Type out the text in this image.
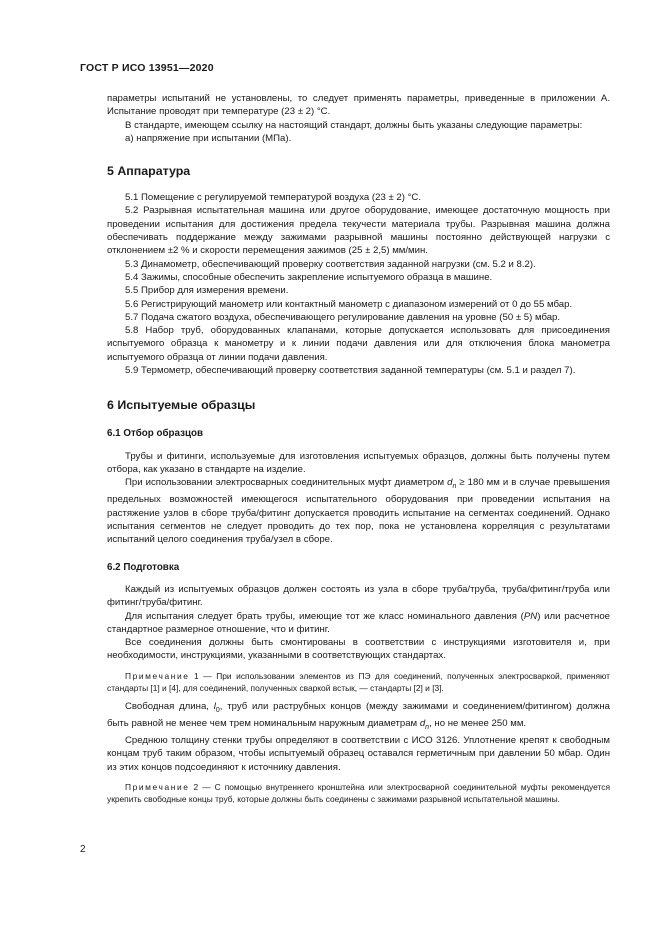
ГОСТ Р ИСО 13951—2020

параметры испытаний не установлены, то следует применять параметры, приведенные в приложении А. Испытание проводят при температуре (23 ± 2) °С.

В стандарте, имеющем ссылку на настоящий стандарт, должны быть указаны следующие параметры:

а) напряжение при испытании (МПа).

5 Аппаратура

5.1 Помещение с регулируемой температурой воздуха (23 ± 2) °С.

5.2 Разрывная испытательная машина или другое оборудование, имеющее достаточную мощность при проведении испытания для достижения предела текучести материала трубы. Разрывная машина должна обеспечивать поддержание между зажимами разрывной машины постоянно действующей нагрузки с отклонением ±2 % и скорости перемещения зажимов (25 ± 2,5) мм/мин.

5.3 Динамометр, обеспечивающий проверку соответствия заданной нагрузки (см. 5.2 и 8.2).

5.4 Зажимы, способные обеспечить закрепление испытуемого образца в машине.

5.5 Прибор для измерения времени.

5.6 Регистрирующий манометр или контактный манометр с диапазоном измерений от 0 до 55 мбар.

5.7 Подача сжатого воздуха, обеспечивающего регулирование давления на уровне (50 ± 5) мбар.

5.8 Набор труб, оборудованных клапанами, которые допускается использовать для присоединения испытуемого образца к манометру и к линии подачи давления или для отключения блока манометра испытуемого образца от линии подачи давления.

5.9 Термометр, обеспечивающий проверку соответствия заданной температуры (см. 5.1 и раздел 7).

6 Испытуемые образцы
6.1 Отбор образцов

Трубы и фитинги, используемые для изготовления испытуемых образцов, должны быть получены путем отбора, как указано в стандарте на изделие.

При использовании электросварных соединительных муфт диаметром $d_n \ge 180$ мм и в случае превышения предельных возможностей имеющегося испытательного оборудования при проведении испытания на растяжение узлов в сборе труба/фитинг допускается проводить испытание на сегментах соединений. Однако испытания сегментов не следует проводить до тех пор, пока не установлена корреляция с результатами испытаний целого соединения труба/узел в сборе.

6.2 Подготовка

Каждый из испытуемых образцов должен состоять из узла в сборе труба/труба, труба/фитинг/труба или фитинг/труба/фитинг.

Для испытания следует брать трубы, имеющие тот же класс номинального давления (PN) или расчетное стандартное размерное отношение, что и фитинг.

Все соединения должны быть смонтированы в соответствии с инструкциями изготовителя и, при необходимости, инструкциями, указанными в соответствующих стандартах.

Примечание 1 — При использовании элементов из ПЭ для соединений, полученных электросваркой, применяют стандарты [1] и [4], для соединений, полученных сваркой встык, — стандарты [2] и [3].

Свободная длина, $l_0$, труб или раструбных концов (между зажимами и соединением/фитингом) должна быть равной не менее чем трем номинальным наружным диаметрам $d_n$, но не менее 250 мм.

Среднюю толщину стенки трубы определяют в соответствии с ИСО 3126. Уплотнение крепят к свободным концам труб таким образом, чтобы испытуемый образец оставался герметичным при давлении 50 мбар. Один из этих концов подсоединяют к источнику давления.

Примечание 2 — С помощью внутреннего кронштейна или электросварной соединительной муфты рекомендуется укрепить свободные концы труб, которые должны быть соединены с зажимами разрывной испытательной машины.

2
